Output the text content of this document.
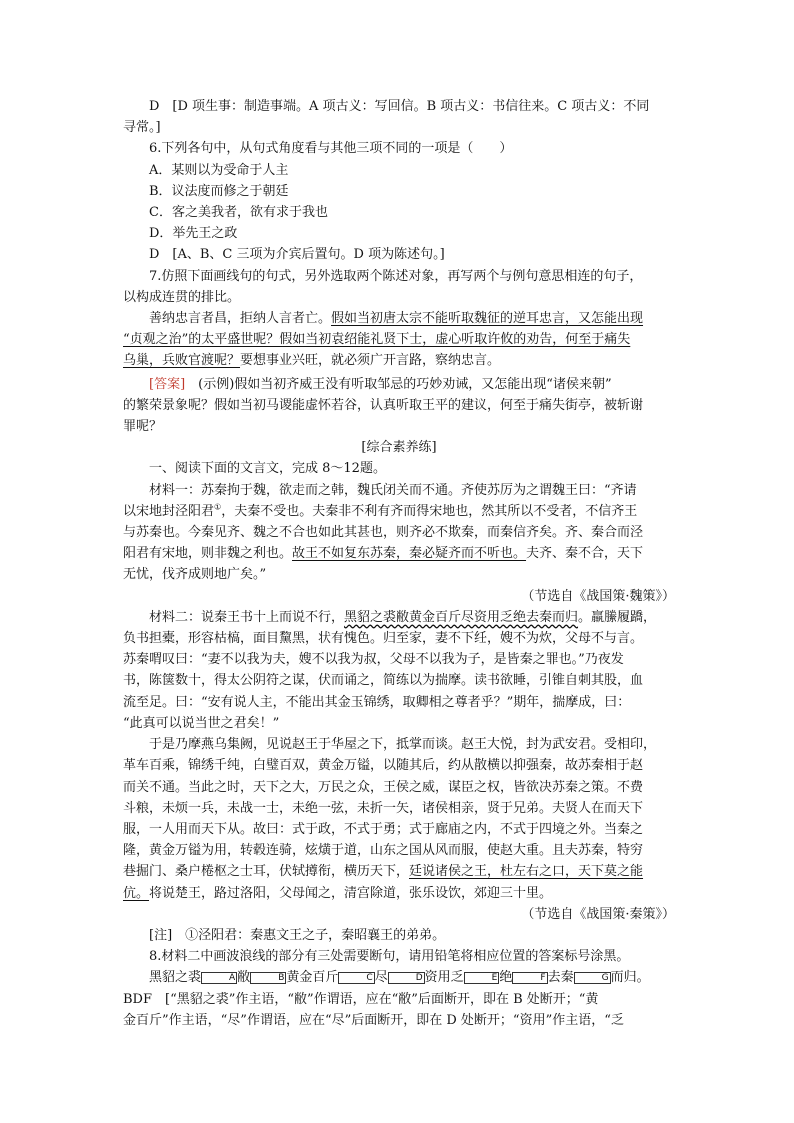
D　[D 项生事：制造事端。A 项古义：写回信。B 项古义：书信往来。C 项古义：不同

寻常。]

6.下列各句中，从句式角度看与其他三项不同的一项是（　　）

A．某则以为受命于人主

B．议法度而修之于朝廷

C．客之美我者，欲有求于我也

D．举先王之政

D　[A、B、C 三项为介宾后置句。D 项为陈述句。]

7.仿照下面画线句的句式，另外选取两个陈述对象，再写两个与例句意思相连的句子，

以构成连贯的排比。

善纳忠言者昌，拒纳人言者亡。假如当初唐太宗不能听取魏征的逆耳忠言，又怎能出现

“贞观之治”的太平盛世呢？假如当初袁绍能礼贤下士，虚心听取许攸的劝告，何至于痛失

乌巢，兵败官渡呢？要想事业兴旺，就必须广开言路，察纳忠言。

[答案]　(示例)假如当初齐威王没有听取邹忌的巧妙劝诫，又怎能出现“诸侯来朝”

的繁荣景象呢？假如当初马谡能虚怀若谷，认真听取王平的建议，何至于痛失街亭，被斩谢

罪呢？

[综合素养练]

一、阅读下面的文言文，完成 8～12题。

材料一：苏秦拘于魏，欲走而之韩，魏氏闭关而不通。齐使苏厉为之谓魏王曰：“齐请

以宋地封泾阳君①，夫秦不受也。夫秦非不利有齐而得宋地也，然其所以不受者，不信齐王

与苏秦也。今秦见齐、魏之不合也如此其甚也，则齐必不欺秦，而秦信齐矣。齐、秦合而泾

阳君有宋地，则非魏之利也。故王不如复东苏秦，秦必疑齐而不听也。夫齐、秦不合，天下

无忧，伐齐成则地广矣。”

（节选自《战国策·魏策》）

材料二：说秦王书十上而说不行，黑貂之裘敝黄金百斤尽资用乏绝去秦而归。羸縢履蹻，

负书担橐，形容枯槁，面目黧黑，状有愧色。归至家，妻不下纴，嫂不为炊，父母不与言。

苏秦喟叹曰：“妻不以我为夫，嫂不以我为叔，父母不以我为子，是皆秦之罪也。”乃夜发

书，陈箧数十，得太公阴符之谋，伏而诵之，简练以为揣摩。读书欲睡，引锥自刺其股，血

流至足。曰：“安有说人主，不能出其金玉锦绣，取卿相之尊者乎？”期年，揣摩成，曰：

“此真可以说当世之君矣！”

于是乃摩燕乌集阙，见说赵王于华屋之下，抵掌而谈。赵王大悦，封为武安君。受相印，

革车百乘，锦绣千纯，白璧百双，黄金万镒，以随其后，约从散横以抑强秦，故苏秦相于赵

而关不通。当此之时，天下之大，万民之众，王侯之威，谋臣之权，皆欲决苏秦之策。不费

斗粮，未烦一兵，未战一士，未绝一弦，未折一矢，诸侯相亲，贤于兄弟。夫贤人在而天下

服，一人用而天下从。故曰：式于政，不式于勇；式于廊庙之内，不式于四境之外。当秦之

隆，黄金万镒为用，转毂连骑，炫熿于道，山东之国从风而服，使赵大重。且夫苏秦，特穷

巷掘门、桑户棬枢之士耳，伏轼撙衔，横历天下，廷说诸侯之王，杜左右之口，天下莫之能

伉。将说楚王，路过洛阳，父母闻之，清宫除道，张乐设饮，郊迎三十里。

（节选自《战国策·秦策》）

[注]　①泾阳君：秦惠文王之子，秦昭襄王的弟弟。

8.材料二中画波浪线的部分有三处需要断句，请用铅笔将相应位置的答案标号涂黑。

黑貂之裘	A 敝	B 黄金百斤	C 尽	D 资用乏	E 绝	F 去秦	G 而归。

BDF　[“黑貂之裘”作主语，“敝”作谓语，应在“敝”后面断开，即在 B 处断开；“黄

金百斤”作主语，“尽”作谓语，应在“尽”后面断开，即在 D 处断开；“资用”作主语，“乏
